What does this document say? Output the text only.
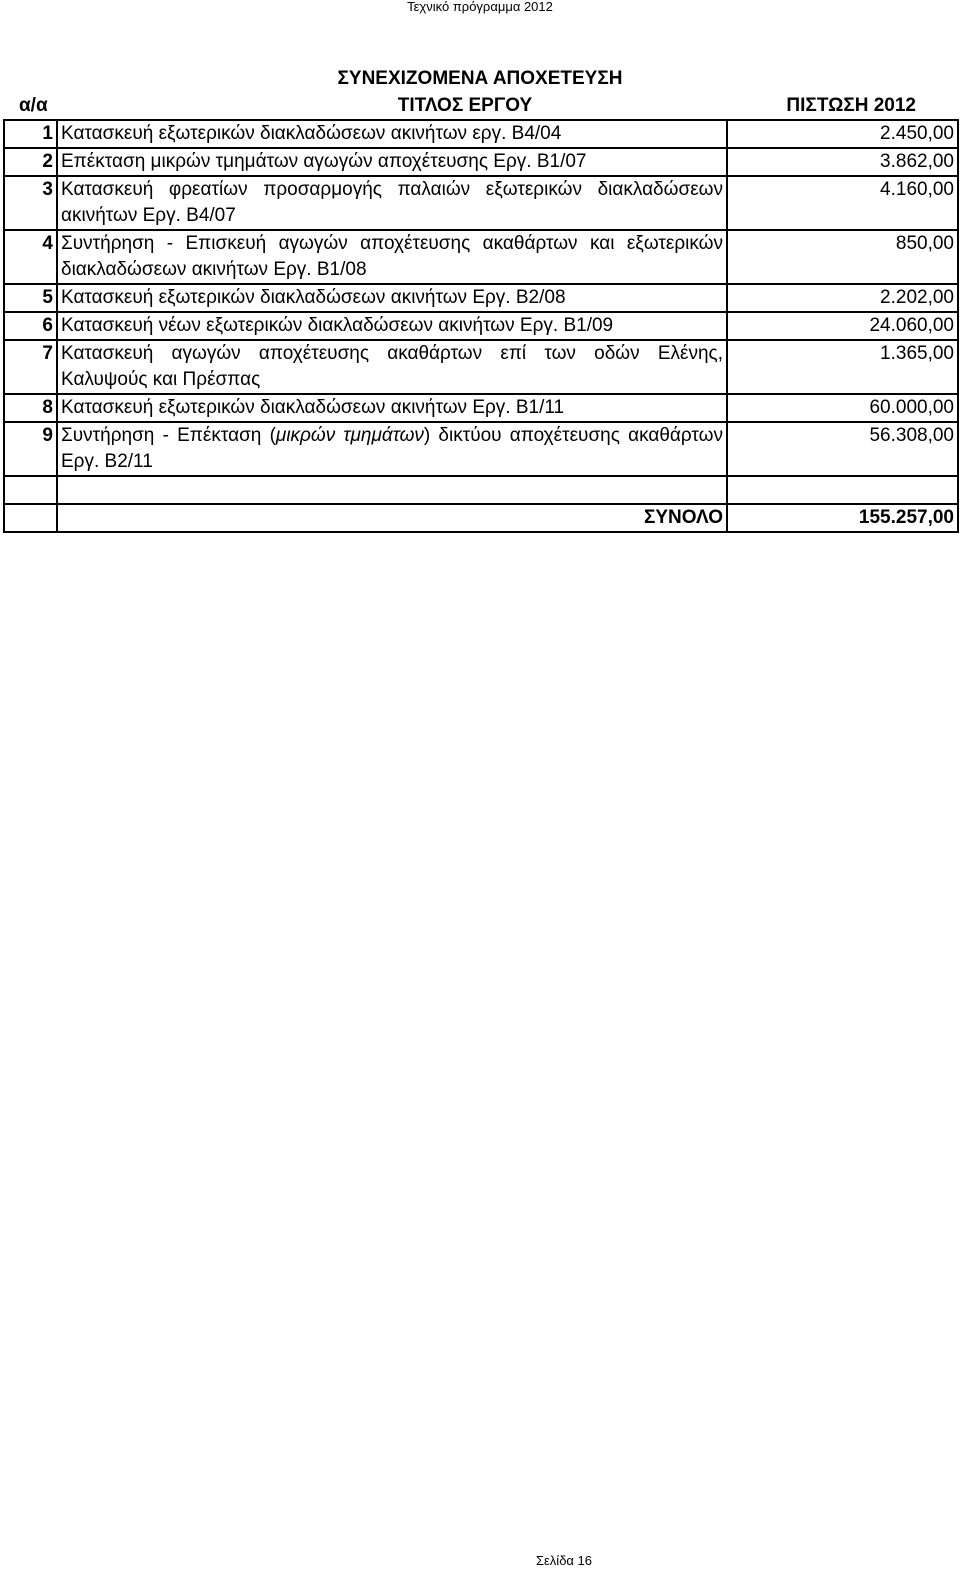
Τεχνικό πρόγραμμα 2012
ΣΥΝΕΧΙΖΟΜΕΝΑ ΑΠΟΧΕΤΕΥΣΗ
α/α	ΤΙΤΛΟΣ ΕΡΓΟΥ	ΠΙΣΤΩΣΗ 2012
1	Κατασκευή εξωτερικών διακλαδώσεων ακινήτων εργ. Β4/04	2.450,00
2	Επέκταση μικρών τμημάτων αγωγών αποχέτευσης Εργ. Β1/07	3.862,00
3	Κατασκευή φρεατίων προσαρμογής παλαιών εξωτερικών διακλαδώσεων ακινήτων Εργ. Β4/07	4.160,00
4	Συντήρηση - Επισκευή αγωγών αποχέτευσης ακαθάρτων και εξωτερικών διακλαδώσεων ακινήτων Εργ. Β1/08	850,00
5	Κατασκευή εξωτερικών διακλαδώσεων ακινήτων Εργ. Β2/08	2.202,00
6	Κατασκευή νέων εξωτερικών διακλαδώσεων ακινήτων Εργ. Β1/09	24.060,00
7	Κατασκευή αγωγών αποχέτευσης ακαθάρτων επί των οδών Ελένης, Καλυψούς και Πρέσπας	1.365,00
8	Κατασκευή εξωτερικών διακλαδώσεων ακινήτων Εργ. Β1/11	60.000,00
9	Συντήρηση - Επέκταση (μικρών τμημάτων) δικτύου αποχέτευσης ακαθάρτων Εργ. Β2/11	56.308,00

	ΣΥΝΟΛΟ	155.257,00
Σελίδα 16
